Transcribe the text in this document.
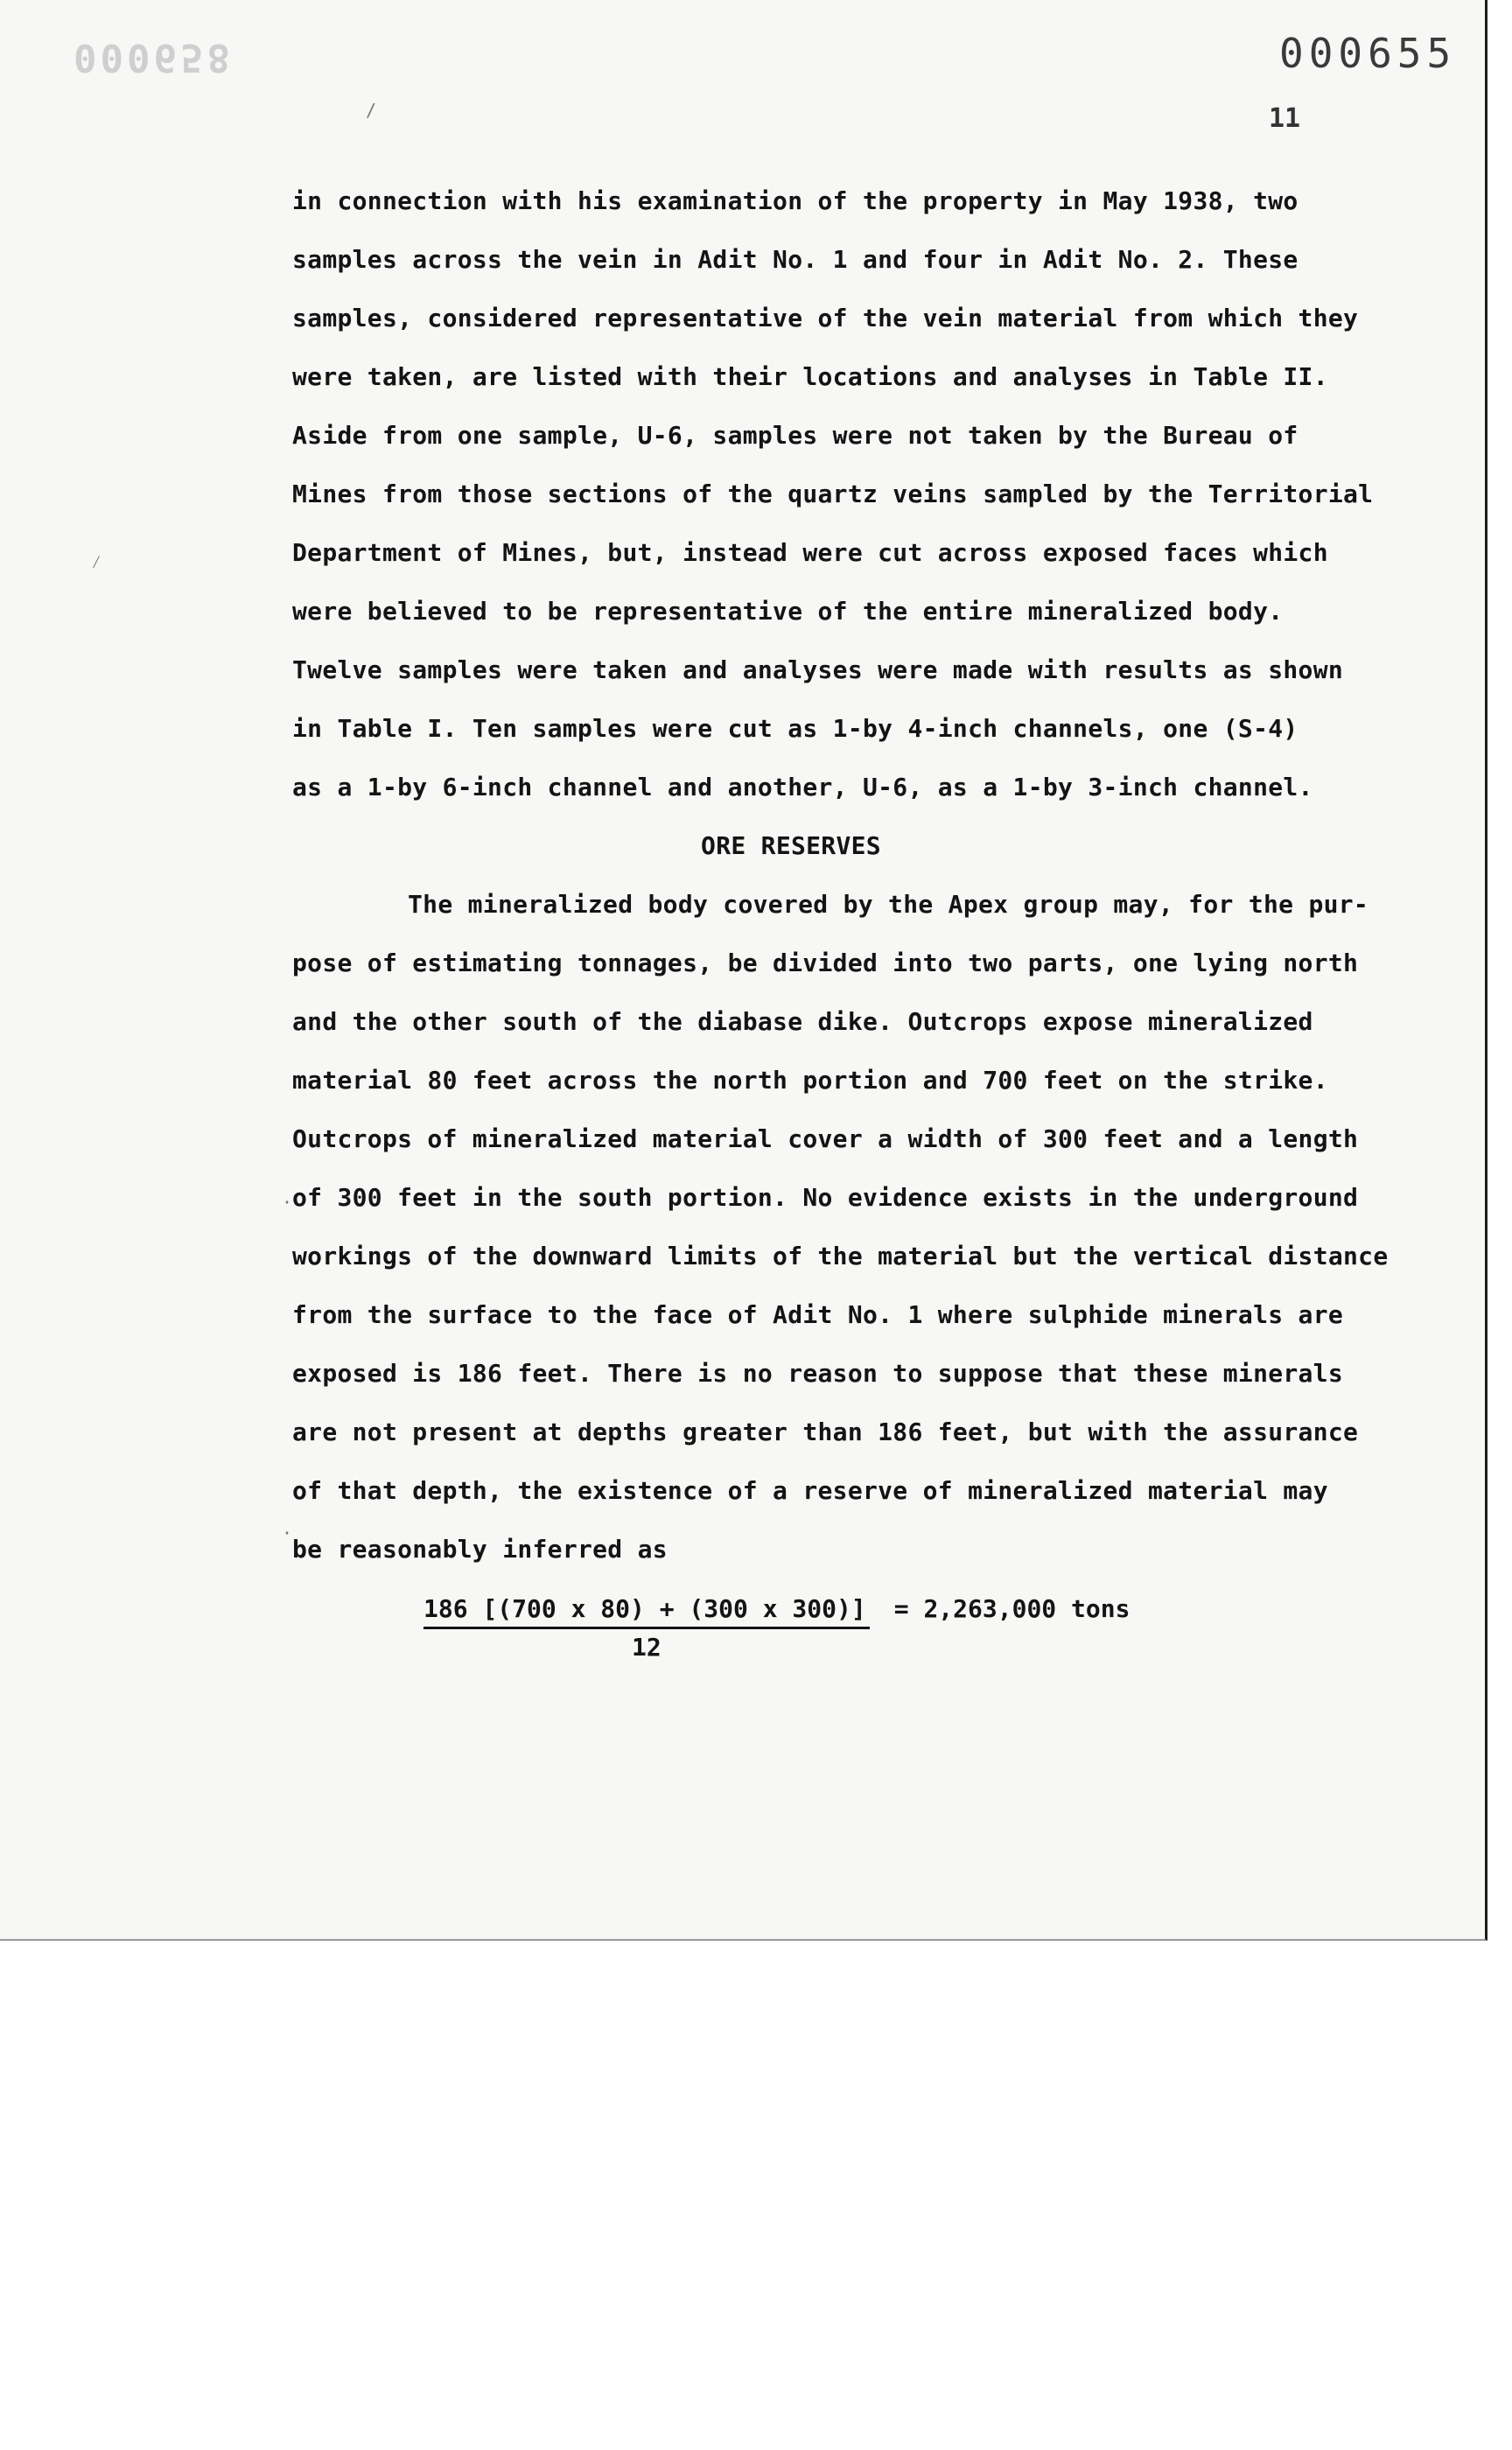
000658	000655
11
/
⁄
·
·
in connection with his examination of the property in May 1938, two
samples across the vein in Adit No. 1 and four in Adit No. 2. These
samples, considered representative of the vein material from which they
were taken, are listed with their locations and analyses in Table II.
Aside from one sample, U-6, samples were not taken by the Bureau of
Mines from those sections of the quartz veins sampled by the Territorial
Department of Mines, but, instead were cut across exposed faces which
were believed to be representative of the entire mineralized body.
Twelve samples were taken and analyses were made with results as shown
in Table I. Ten samples were cut as 1-by 4-inch channels, one (S-4)
as a 1-by 6-inch channel and another, U-6, as a 1-by 3-inch channel.
ORE RESERVES
The mineralized body covered by the Apex group may, for the pur-
pose of estimating tonnages, be divided into two parts, one lying north
and the other south of the diabase dike. Outcrops expose mineralized
material 80 feet across the north portion and 700 feet on the strike.
Outcrops of mineralized material cover a width of 300 feet and a length
of 300 feet in the south portion. No evidence exists in the underground
workings of the downward limits of the material but the vertical distance
from the surface to the face of Adit No. 1 where sulphide minerals are
exposed is 186 feet. There is no reason to suppose that these minerals
are not present at depths greater than 186 feet, but with the assurance
of that depth, the existence of a reserve of mineralized material may
be reasonably inferred as
$\frac{186 [(700 x 80) + (300 x 300)]}{12} = 2,263,000$ tons
